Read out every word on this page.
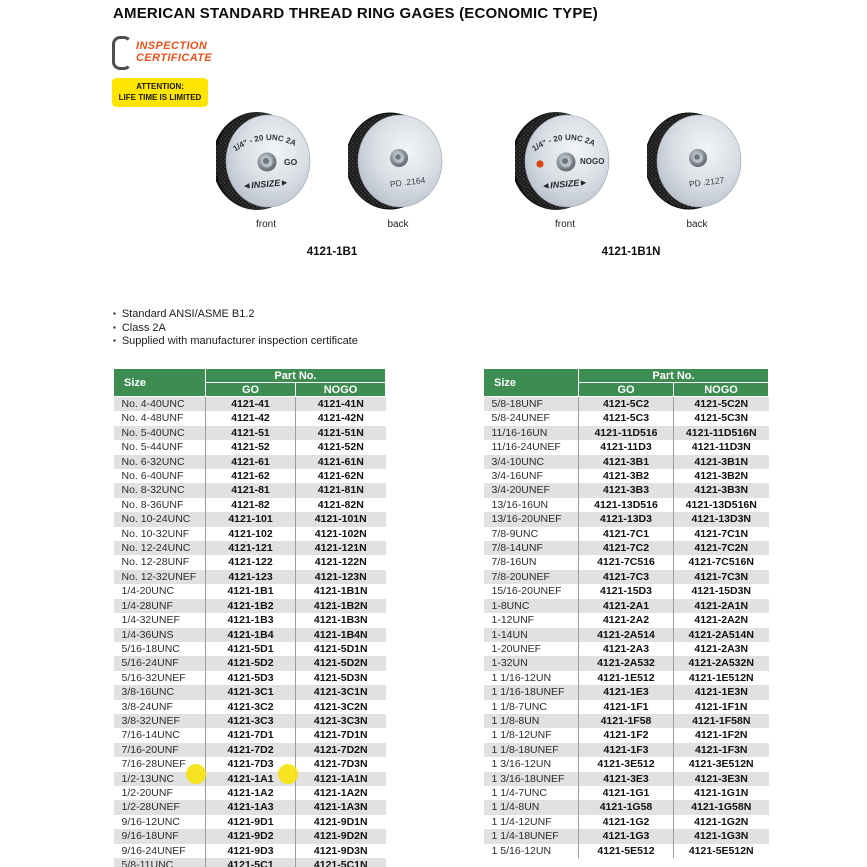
AMERICAN STANDARD THREAD RING GAGES (ECONOMIC TYPE)
INSPECTION
CERTIFICATE
ATTENTION:
LIFE TIME IS LIMITED
1/4" - 20 UNC 2A
GO
◄INSIZE►
front
PD .2164
back
4121-1B1
1/4" - 20 UNC 2A
NOGO
◄INSIZE►
front
PD .2127
back
4121-1B1N
▪ Standard ANSI/ASME B1.2
▪ Class 2A
▪ Supplied with manufacturer inspection certificate
Size	Part No.	
	GO	NOGO
No. 4-40UNC	4121-41	4121-41N
No. 4-48UNF	4121-42	4121-42N
No. 5-40UNC	4121-51	4121-51N
No. 5-44UNF	4121-52	4121-52N
No. 6-32UNC	4121-61	4121-61N
No. 6-40UNF	4121-62	4121-62N
No. 8-32UNC	4121-81	4121-81N
No. 8-36UNF	4121-82	4121-82N
No. 10-24UNC	4121-101	4121-101N
No. 10-32UNF	4121-102	4121-102N
No. 12-24UNC	4121-121	4121-121N
No. 12-28UNF	4121-122	4121-122N
No. 12-32UNEF	4121-123	4121-123N
1/4-20UNC	4121-1B1	4121-1B1N
1/4-28UNF	4121-1B2	4121-1B2N
1/4-32UNEF	4121-1B3	4121-1B3N
1/4-36UNS	4121-1B4	4121-1B4N
5/16-18UNC	4121-5D1	4121-5D1N
5/16-24UNF	4121-5D2	4121-5D2N
5/16-32UNEF	4121-5D3	4121-5D3N
3/8-16UNC	4121-3C1	4121-3C1N
3/8-24UNF	4121-3C2	4121-3C2N
3/8-32UNEF	4121-3C3	4121-3C3N
7/16-14UNC	4121-7D1	4121-7D1N
7/16-20UNF	4121-7D2	4121-7D2N
7/16-28UNEF	4121-7D3	4121-7D3N
1/2-13UNC	4121-1A1	4121-1A1N
1/2-20UNF	4121-1A2	4121-1A2N
1/2-28UNEF	4121-1A3	4121-1A3N
9/16-12UNC	4121-9D1	4121-9D1N
9/16-18UNF	4121-9D2	4121-9D2N
9/16-24UNEF	4121-9D3	4121-9D3N
5/8-11UNC	4121-5C1	4121-5C1N
Size	Part No.	
	GO	NOGO
5/8-18UNF	4121-5C2	4121-5C2N
5/8-24UNEF	4121-5C3	4121-5C3N
11/16-16UN	4121-11D516	4121-11D516N
11/16-24UNEF	4121-11D3	4121-11D3N
3/4-10UNC	4121-3B1	4121-3B1N
3/4-16UNF	4121-3B2	4121-3B2N
3/4-20UNEF	4121-3B3	4121-3B3N
13/16-16UN	4121-13D516	4121-13D516N
13/16-20UNEF	4121-13D3	4121-13D3N
7/8-9UNC	4121-7C1	4121-7C1N
7/8-14UNF	4121-7C2	4121-7C2N
7/8-16UN	4121-7C516	4121-7C516N
7/8-20UNEF	4121-7C3	4121-7C3N
15/16-20UNEF	4121-15D3	4121-15D3N
1-8UNC	4121-2A1	4121-2A1N
1-12UNF	4121-2A2	4121-2A2N
1-14UN	4121-2A514	4121-2A514N
1-20UNEF	4121-2A3	4121-2A3N
1-32UN	4121-2A532	4121-2A532N
1 1/16-12UN	4121-1E512	4121-1E512N
1 1/16-18UNEF	4121-1E3	4121-1E3N
1 1/8-7UNC	4121-1F1	4121-1F1N
1 1/8-8UN	4121-1F58	4121-1F58N
1 1/8-12UNF	4121-1F2	4121-1F2N
1 1/8-18UNEF	4121-1F3	4121-1F3N
1 3/16-12UN	4121-3E512	4121-3E512N
1 3/16-18UNEF	4121-3E3	4121-3E3N
1 1/4-7UNC	4121-1G1	4121-1G1N
1 1/4-8UN	4121-1G58	4121-1G58N
1 1/4-12UNF	4121-1G2	4121-1G2N
1 1/4-18UNEF	4121-1G3	4121-1G3N
1 5/16-12UN	4121-5E512	4121-5E512N
